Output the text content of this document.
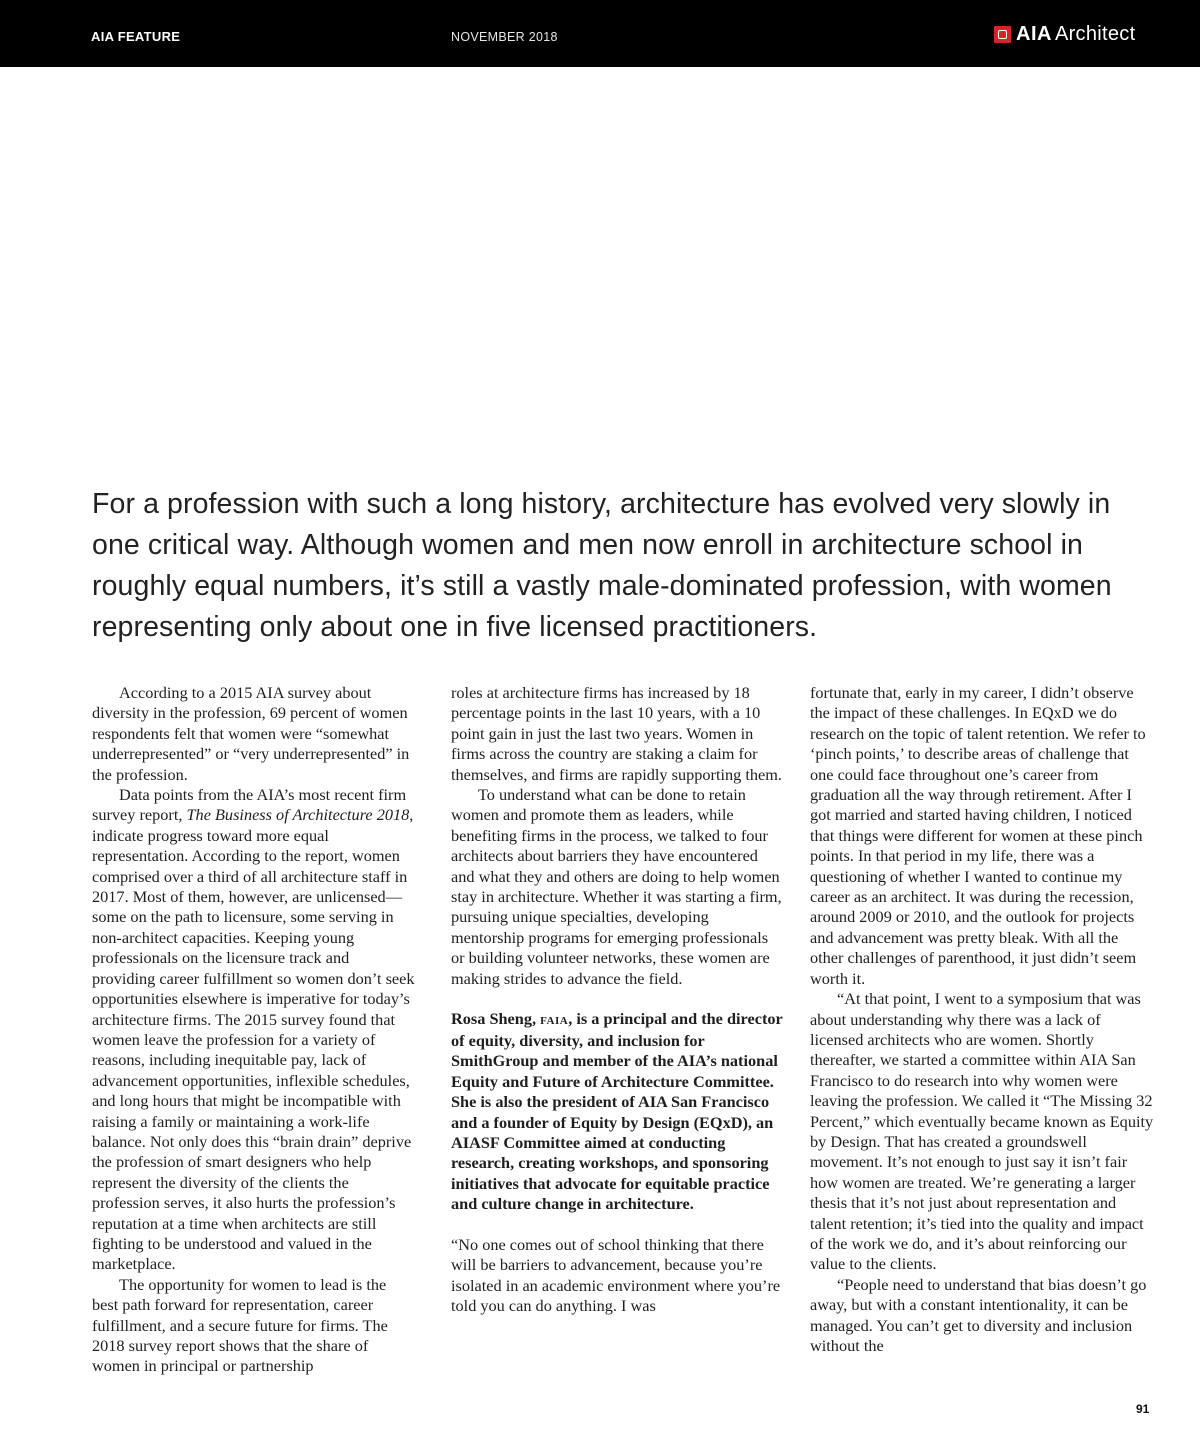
AIA FEATURE	NOVEMBER 2018	AIA Architect

For a profession with such a long history, architecture has evolved very slowly in one critical way. Although women and men now enroll in architecture school in roughly equal numbers, it’s still a vastly male-dominated profession, with women representing only about one in five licensed practitioners.

According to a 2015 AIA survey about diversity in the profession, 69 percent of women respondents felt that women were “somewhat underrepresented” or “very underrepresented” in the profession.

Data points from the AIA’s most recent firm survey report, The Business of Architecture 2018, indicate progress toward more equal representation. According to the report, women comprised over a third of all architecture staff in 2017. Most of them, however, are unlicensed—some on the path to licensure, some serving in non-architect capacities. Keeping young professionals on the licensure track and providing career fulfillment so women don’t seek opportunities elsewhere is imperative for today’s architecture firms. The 2015 survey found that women leave the profession for a variety of reasons, including inequitable pay, lack of advancement opportunities, inflexible schedules, and long hours that might be incompatible with raising a family or maintaining a work-life balance. Not only does this “brain drain” deprive the profession of smart designers who help represent the diversity of the clients the profession serves, it also hurts the profession’s reputation at a time when architects are still fighting to be understood and valued in the marketplace.

The opportunity for women to lead is the best path forward for representation, career fulfillment, and a secure future for firms. The 2018 survey report shows that the share of women in principal or partnership

roles at architecture firms has increased by 18 percentage points in the last 10 years, with a 10 point gain in just the last two years. Women in firms across the country are staking a claim for themselves, and firms are rapidly supporting them.

To understand what can be done to retain women and promote them as leaders, while benefiting firms in the process, we talked to four architects about barriers they have encountered and what they and others are doing to help women stay in architecture. Whether it was starting a firm, pursuing unique specialties, developing mentorship programs for emerging professionals or building volunteer networks, these women are making strides to advance the field.

Rosa Sheng, faia, is a principal and the director of equity, diversity, and inclusion for SmithGroup and member of the AIA’s national Equity and Future of Architecture Committee. She is also the president of AIA San Francisco and a founder of Equity by Design (EQxD), an AIASF Committee aimed at conducting research, creating workshops, and sponsoring initiatives that advocate for equitable practice and culture change in architecture.

“No one comes out of school thinking that there will be barriers to advancement, because you’re isolated in an academic environment where you’re told you can do anything. I was

fortunate that, early in my career, I didn’t observe the impact of these challenges. In EQxD we do research on the topic of talent retention. We refer to ‘pinch points,’ to describe areas of challenge that one could face throughout one’s career from graduation all the way through retirement. After I got married and started having children, I noticed that things were different for women at these pinch points. In that period in my life, there was a questioning of whether I wanted to continue my career as an architect. It was during the recession, around 2009 or 2010, and the outlook for projects and advancement was pretty bleak. With all the other challenges of parenthood, it just didn’t seem worth it.

“At that point, I went to a symposium that was about understanding why there was a lack of licensed architects who are women. Shortly thereafter, we started a committee within AIA San Francisco to do research into why women were leaving the profession. We called it “The Missing 32 Percent,” which eventually became known as Equity by Design. That has created a groundswell movement. It’s not enough to just say it isn’t fair how women are treated. We’re generating a larger thesis that it’s not just about representation and talent retention; it’s tied into the quality and impact of the work we do, and it’s about reinforcing our value to the clients.

“People need to understand that bias doesn’t go away, but with a constant intentionality, it can be managed. You can’t get to diversity and inclusion without the

91
